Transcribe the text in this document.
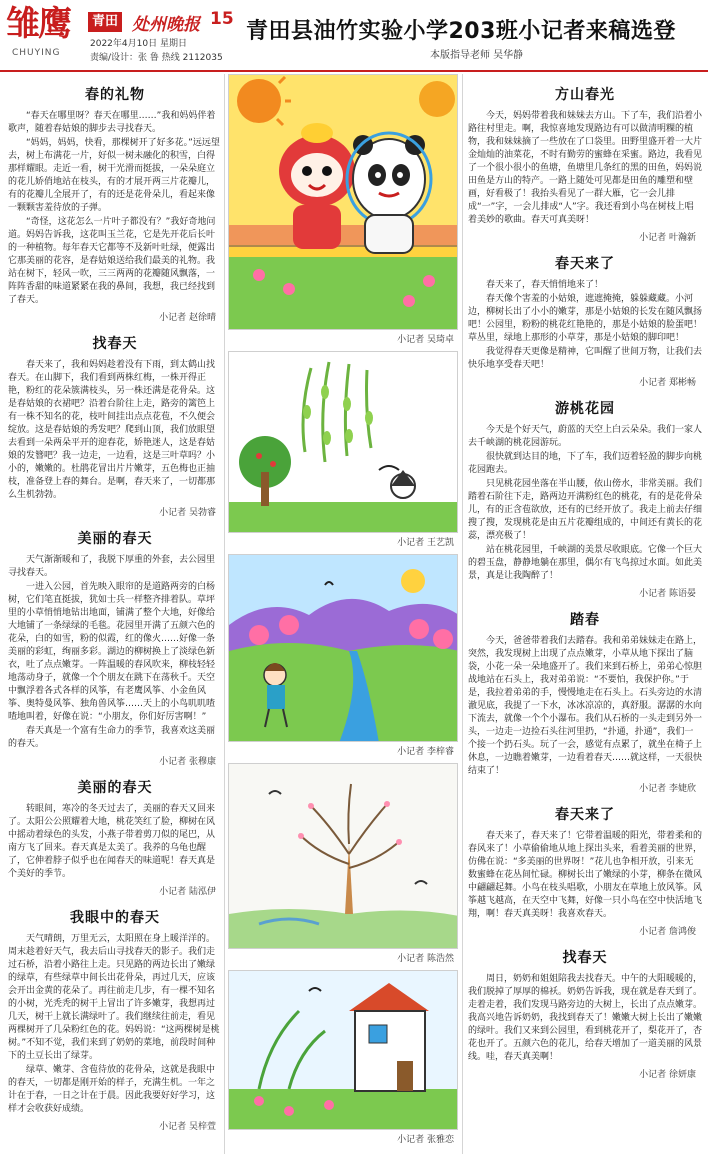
雏鹰
CHUYING
青田 处州晚报 15
2022年4月10日 星期日
责编/设计：张 鲁 热线 2112035
青田县油竹实验小学203班小记者来稿选登
本版指导老师 吴华静
春的礼物

“春天在哪里呀？春天在哪里……”我和妈妈伴着歌声，随着春姑娘的脚步去寻找春天。

“妈妈，妈妈，快看，那棵树开了好多花。”远远望去，树上布满花一片，好似一树未融化的积雪，白得那样耀眼。走近一看，树干光滑而挺拔，一朵朵庭立的花儿娇俏地站在枝头，有的才展开两三片花瓣儿，有的花瓣儿全展开了，有的还是花骨朵儿，看起来像一颗颗害羞待放的子弹。

“奇怪，这花怎么一片叶子都没有？”我好奇地问道。妈妈告诉我，这花叫玉兰花，它是先开花后长叶的一种植物。每年春天它都等不及新叶吐绿，便露出它那美丽的花容，是春姑娘送给我们最美的礼物。我站在树下，轻风一吹，三三两两的花瓣随风飘落，一阵阵香甜的味道紧紧在我的鼻间，我想，我已经找到了春天。

小记者 赵徐晴
找春天

春天来了，我和妈妈趁着没有下雨，到太鹤山找春天。在山脚下，我们看到两株红梅，一株开得正艳，粉红的花朵簇满枝头，另一株还满是花骨朵。这是春姑娘的衣裙吧？沿着台阶往上走，路旁的篱笆上有一株不知名的花，枝叶间挂出点点花苞，不久便会绽放。这是春姑娘的秀发吧？爬到山顶，我们放眼望去看到一朵两朵平开的迎春花，娇艳迷人，这是春姑娘的发簪吧？我一边走，一边看，这是三叶草吗？小小的，嫩嫩的。杜鹃花冒出片片嫩芽，五色梅也正抽枝，准备登上春的舞台。是啊，春天来了，一切都那么生机勃勃。

小记者 吴勃睿
美丽的春天

天气渐渐暖和了，我脱下厚重的外套，去公园里寻找春天。

一进入公园，首先映入眼帘的是道路两旁的白杨树，它们笔直挺拔，犹如士兵一样整齐排着队。草坪里的小草悄悄地钻出地面，铺满了整个大地，好像给大地铺了一条绿绿的毛毯。花园里开满了五颜六色的花朵，白的如雪，粉的似霞，红的像火……好像一条美丽的彩虹，绚丽多彩。湖边的柳树换上了淡绿色新衣，吐了点点嫩芽。一阵温暖的春风吹来，柳枝轻轻地荡动身子，就像一个个朋友在跳下在荡秋千。天空中飘浮着各式各样的风筝，有老鹰风筝、小金鱼风筝、奥特曼风筝、独角兽风筝……天上的小鸟叽叽喳喳地叫着，好像在说：“小朋友，你们好厉害啊！”

春天真是一个富有生命力的季节，我喜欢这美丽的春天。

小记者 张穆康
美丽的春天

转眼间，寒冷的冬天过去了，美丽的春天又回来了。太阳公公照耀着大地，桃花笑红了脸，柳树在风中摇动着绿色的头发，小燕子带着剪刀似的尾巴，从南方飞了回来。春天真是太美了。我养的乌龟也醒了，它伸着脖子似乎也在闻春天的味道呢！春天真是个美好的季节。

小记者 陆泓伊
我眼中的春天

天气晴朗，万里无云，太阳照在身上暖洋洋的。周末趁着好天气，我去后山寻找春天的影子。我们走过石桥，沿着小路往上走。只见路的两边长出了嫩绿的绿草，有些绿草中间长出花骨朵，再过几天，应该会开出金黄的花朵了。再往前走几步，有一棵不知名的小树，光秃秃的树干上冒出了许多嫩芽，我想再过几天，树干上就长满绿叶了。我们继续往前走，看见两棵树开了几朵粉红色的花。妈妈说：“这两棵树是桃树。”不知不觉，我们来到了奶奶的菜地，前段时间种下的土豆长出了绿芽。

绿草、嫩芽、含苞待放的花骨朵，这就是我眼中的春天，一切都是刚开始的样子，充满生机。一年之计在于春，一日之计在于晨。因此我要好好学习，这样才会收获好成绩。

小记者 吴梓萱
小记者 吴琦卓
小记者 王艺凯
小记者 李梓睿
小记者 陈浩然
小记者 张雅恋
方山春光

今天，妈妈带着我和妹妹去方山。下了车，我们沿着小路往村里走。啊，我惊喜地发现路边有可以做清明粿的植物，我和妹妹摘了一些放在了口袋里。田野里盛开着一大片金灿灿的油菜花，不时有勤劳的蜜蜂在采蜜。路边，我看见了一个很小很小的鱼塘，鱼塘里几条红的黑的田鱼，妈妈说田鱼是方山的特产。一路上随处可见都是田鱼的雕塑和壁画，好看极了！我抬头看见了一群大雁，它一会儿排成“一”字，一会儿排成“人”字。我还看到小鸟在树枝上唱着美妙的歌曲。春天可真美呀！

小记者 叶瀚新
春天来了

春天来了，春天悄悄地来了！

春天像个害羞的小姑娘，遮遮掩掩，躲躲藏藏。小河边，柳树长出了小小的嫩芽，那是小姑娘的长发在随风飘扬吧！公园里，粉粉的桃花红艳艳的，那是小姑娘的脸蛋吧！草丛里，绿地上那形的小草芽，那是小姑娘的脚印吧！

我觉得春天更像是精神，它叫醒了世间万物，让我们去快乐地享受春天吧！

小记者 郑彬畅
游桃花园

今天是个好天气，蔚蓝的天空上白云朵朵。我们一家人去千峡湖的桃花园游玩。

很快就到达目的地，下了车，我们迈着轻盈的脚步向桃花园跑去。

只见桃花园坐落在半山腰，依山傍水，非常美丽。我们踏着石阶往下走，路两边开满粉红色的桃花，有的是花骨朵儿，有的正含苞欲放，还有的已经开放了。我走上前去仔细搜了搜，发现桃花是由五片花瓣组成的，中间还有黄长的花蕊，漂亮极了！

站在桃花园里，千峡湖的美景尽收眼底。它像一个巨大的碧玉盘，静静地躺在那里，偶尔有飞鸟掠过水面。如此美景，真是让我陶醉了！

小记者 陈语晏
踏春

今天，爸爸带着我们去踏春。我和弟弟妹妹走在路上，突然，我发现树上出现了点点嫩芽，小草从地下探出了脑袋，小花一朵一朵地盛开了。我们来到石桥上，弟弟心惊胆战地站在石头上，我对弟弟说：“不要怕，我保护你。”于是，我拉着弟弟的手，慢慢地走在石头上。石头旁边的水清澈见底，我提了一下水，冰冰凉凉的，真舒服。潺潺的水向下流去，就像一个个小瀑布。我们从石桥的一头走到另外一头，一边走一边捡石头往河里扔，“扑通，扑通”，我们一个接一个扔石头。玩了一会，感觉有点累了，就坐在椅子上休息，一边瞧着嫩芽，一边看着春天……就这样，一天很快结束了！

小记者 李婕欣
春天来了

春天来了，春天来了！它带着温暖的阳光，带着柔和的春风来了！小草偷偷地从地上探出头来，看着美丽的世界，仿佛在说：“多美丽的世界呀！”花儿也争相开放，引来无数蜜蜂在花丛间忙碌。柳树长出了嫩绿的小芽，柳条在微风中翩翩起舞。小鸟在枝头唱歌，小朋友在草地上放风筝。风筝越飞越高，在天空中飞舞，好像一只小鸟在空中快活地飞翔，啊！春天真美呀！我喜欢春天。

小记者 詹鸿俊
找春天

周日，奶奶和姐姐陪我去找春天。中午的大阳暖暖的，我们脱掉了厚厚的棉袄。奶奶告诉我，现在就是春天到了。走着走着，我们发现马路旁边的大树上，长出了点点嫩芽。我高兴地告诉奶奶，我找到春天了！嫩嫩大树上长出了嫩嫩的绿叶。我们又来到公园里，看到桃花开了，梨花开了，杏花也开了。五颜六色的花儿，给春天增加了一道美丽的风景线。哇，春天真美啊！

小记者 徐妍康
